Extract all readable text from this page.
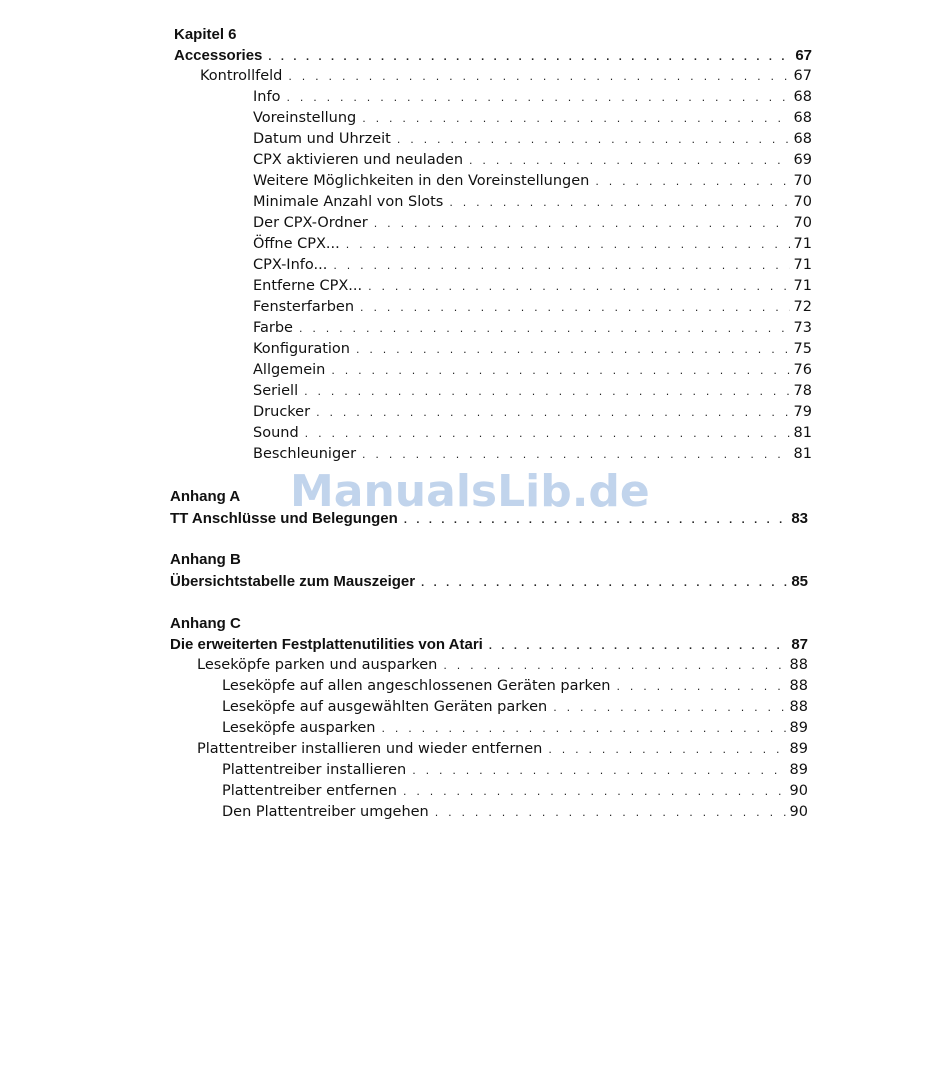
Kapitel 6
Accessories . . .	67
Kontrollfeld . . .	67
Info . . .	68
Voreinstellung . . .	68
Datum und Uhrzeit . . .	68
CPX aktivieren und neuladen . . .	69
Weitere Möglichkeiten in den Voreinstellungen . . .	70
Minimale Anzahl von Slots . . .	70
Der CPX-Ordner . . .	70
Öffne CPX... . . .	71
CPX-Info... . . .	71
Entferne CPX... . . .	71
Fensterfarben . . .	72
Farbe . . .	73
Konfiguration . . .	75
Allgemein . . .	76
Seriell . . .	78
Drucker . . .	79
Sound . . .	81
Beschleuniger . . .	81
ManualsLib.de
Anhang A
TT Anschlüsse und Belegungen . . .	83
Anhang B
Übersichtstabelle zum Mauszeiger . . .	85
Anhang C
Die erweiterten Festplattenutilities von Atari . . .	87
Leseköpfe parken und ausparken . . .	88
Leseköpfe auf allen angeschlossenen Geräten parken . . .	88
Leseköpfe auf ausgewählten Geräten parken . . .	88
Leseköpfe ausparken . . .	89
Plattentreiber installieren und wieder entfernen . . .	89
Plattentreiber installieren . . .	89
Plattentreiber entfernen . . .	90
Den Plattentreiber umgehen . . .	90
